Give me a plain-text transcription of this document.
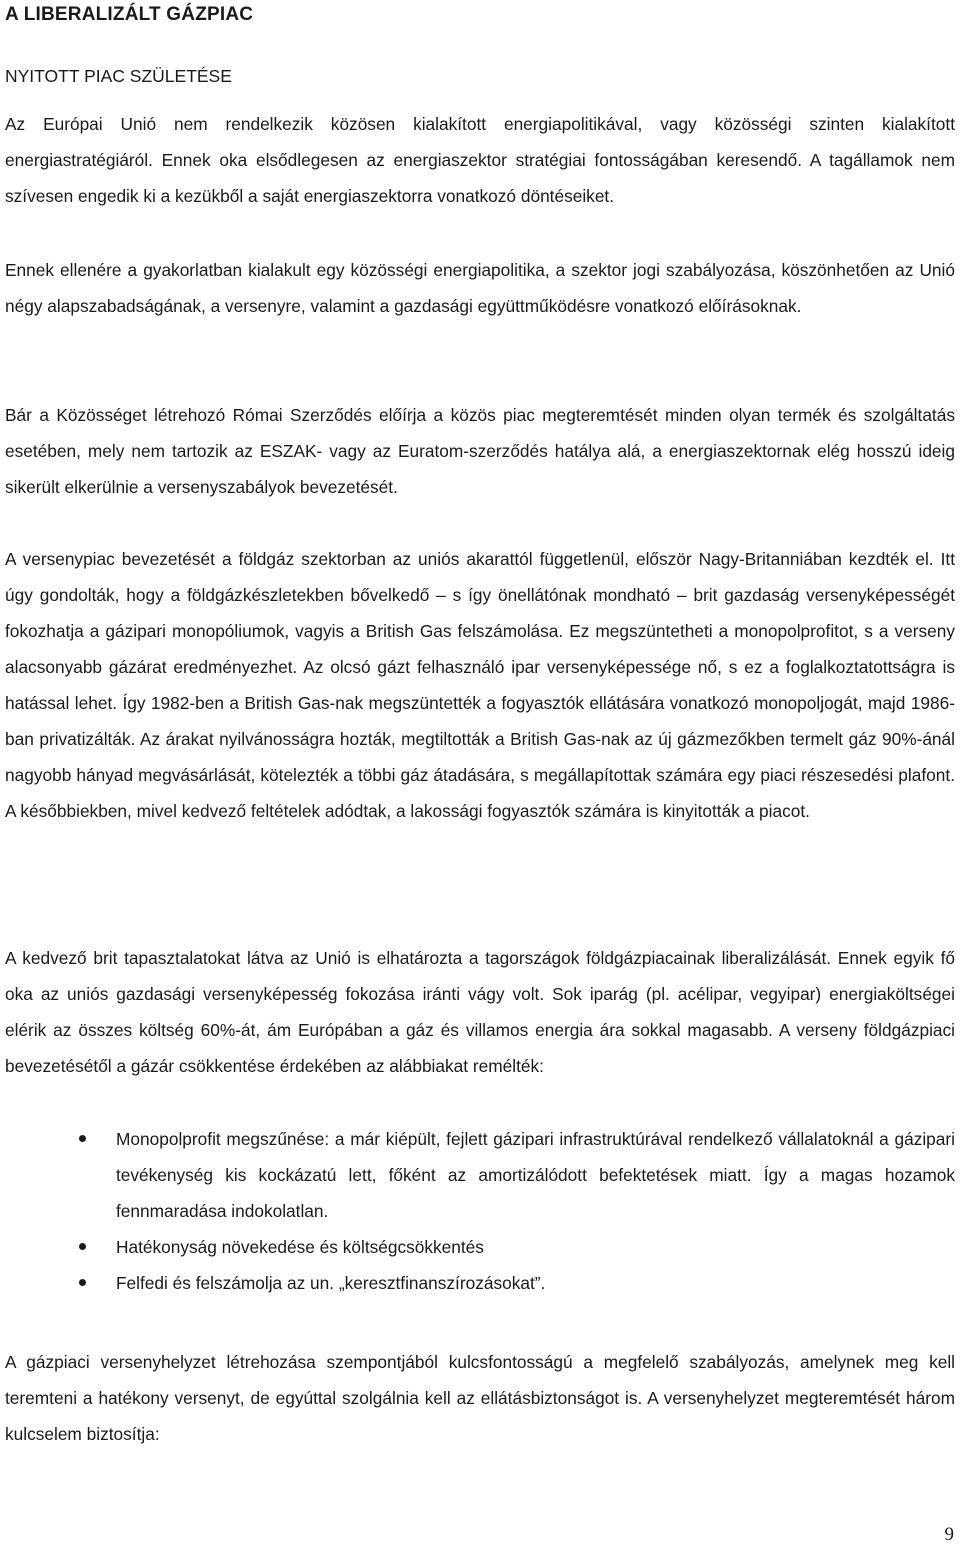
A LIBERALIZÁLT GÁZPIAC
NYITOTT PIAC SZÜLETÉSE

Az Európai Unió nem rendelkezik közösen kialakított energiapolitikával, vagy közösségi szinten kialakított energiastratégiáról. Ennek oka elsődlegesen az energiaszektor stratégiai fontosságában keresendő. A tagállamok nem szívesen engedik ki a kezükből a saját energiaszektorra vonatkozó döntéseiket.

Ennek ellenére a gyakorlatban kialakult egy közösségi energiapolitika, a szektor jogi szabályozása, köszönhetően az Unió négy alapszabadságának, a versenyre, valamint a gazdasági együttműködésre vonatkozó előírásoknak.

Bár a Közösséget létrehozó Római Szerződés előírja a közös piac megteremtését minden olyan termék és szolgáltatás esetében, mely nem tartozik az ESZAK- vagy az Euratom-szerződés hatálya alá, a energiaszektornak elég hosszú ideig sikerült elkerülnie a versenyszabályok bevezetését.

A versenypiac bevezetését a földgáz szektorban az uniós akarattól függetlenül, először Nagy-Britanniában kezdték el. Itt úgy gondolták, hogy a földgázkészletekben bővelkedő – s így önellátónak mondható – brit gazdaság versenyképességét fokozhatja a gázipari monopóliumok, vagyis a British Gas felszámolása. Ez megszüntetheti a monopolprofitot, s a verseny alacsonyabb gázárat eredményezhet. Az olcsó gázt felhasználó ipar versenyképessége nő, s ez a foglalkoztatottságra is hatással lehet. Így 1982-ben a British Gas-nak megszüntették a fogyasztók ellátására vonatkozó monopoljogát, majd 1986-ban privatizálták. Az árakat nyilvánosságra hozták, megtiltották a British Gas-nak az új gázmezőkben termelt gáz 90%-ánál nagyobb hányad megvásárlását, kötelezték a többi gáz átadására, s megállapítottak számára egy piaci részesedési plafont. A későbbiekben, mivel kedvező feltételek adódtak, a lakossági fogyasztók számára is kinyitották a piacot.

A kedvező brit tapasztalatokat látva az Unió is elhatározta a tagországok földgázpiacainak liberalizálását. Ennek egyik fő oka az uniós gazdasági versenyképesség fokozása iránti vágy volt. Sok iparág (pl. acélipar, vegyipar) energiaköltségei elérik az összes költség 60%-át, ám Európában a gáz és villamos energia ára sokkal magasabb. A verseny földgázpiaci bevezetésétől a gázár csökkentése érdekében az alábbiakat remélték:

Monopolprofit megszűnése: a már kiépült, fejlett gázipari infrastruktúrával rendelkező vállalatoknál a gázipari tevékenység kis kockázatú lett, főként az amortizálódott befektetések miatt. Így a magas hozamok fennmaradása indokolatlan.
Hatékonyság növekedése és költségcsökkentés
Felfedi és felszámolja az un. „keresztfinanszírozásokat”.

A gázpiaci versenyhelyzet létrehozása szempontjából kulcsfontosságú a megfelelő szabályozás, amelynek meg kell teremteni a hatékony versenyt, de egyúttal szolgálnia kell az ellátásbiztonságot is. A versenyhelyzet megteremtését három kulcselem biztosítja:

9
